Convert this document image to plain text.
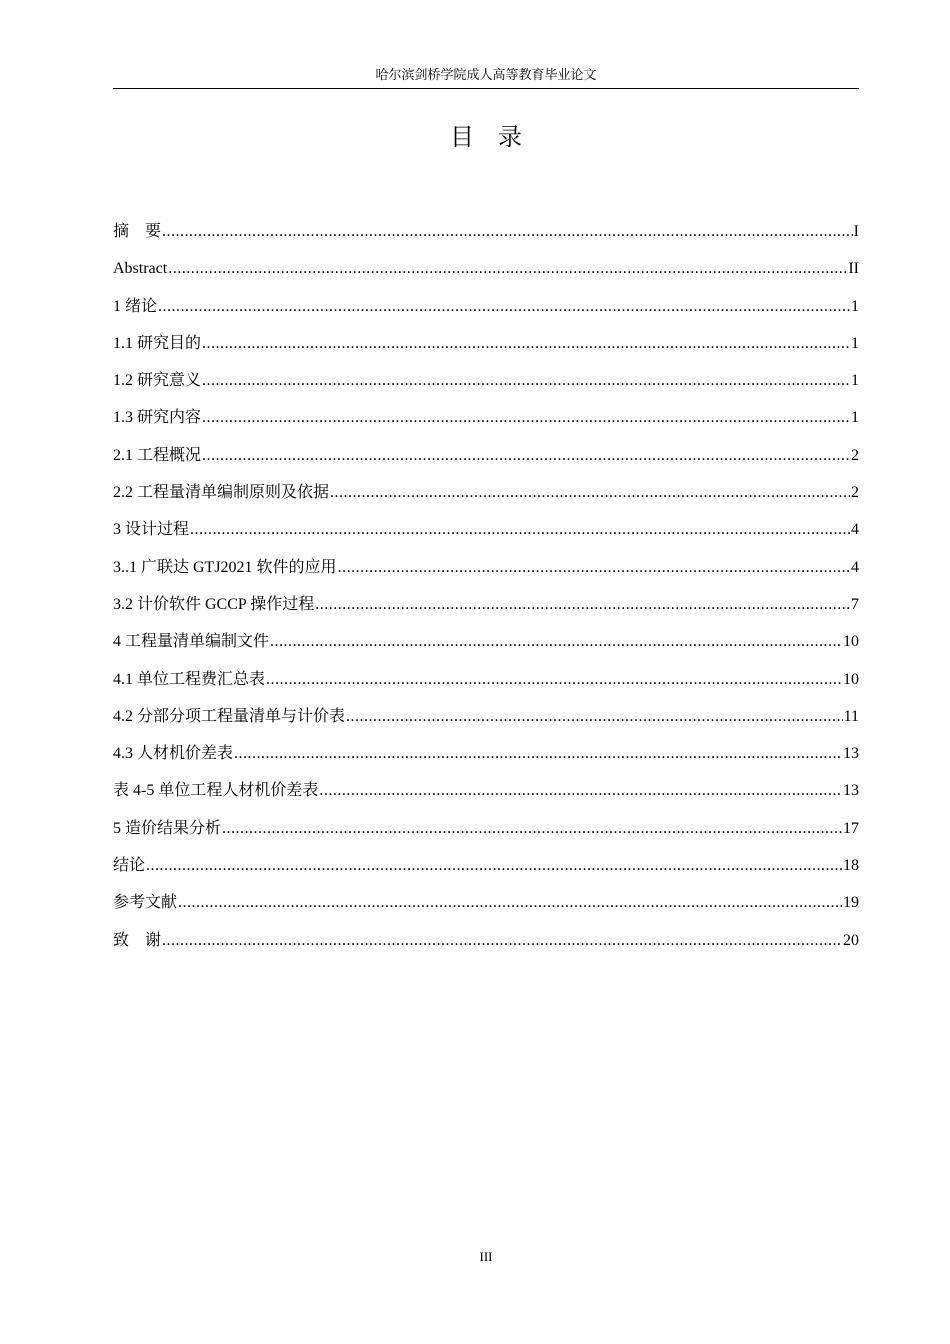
哈尔滨剑桥学院成人高等教育毕业论文
目录
摘要 .....	I
Abstract .....	II
1 绪论 .....	1
1.1 研究目的 .....	1
1.2 研究意义 .....	1
1.3 研究内容 .....	1
2.1 工程概况 .....	2
2.2 工程量清单编制原则及依据 .....	2
3 设计过程 .....	4
3..1 广联达 GTJ2021 软件的应用 .....	4
3.2 计价软件 GCCP 操作过程 .....	7
4 工程量清单编制文件 .....	10
4.1 单位工程费汇总表 .....	10
4.2 分部分项工程量清单与计价表 .....	11
4.3 人材机价差表 .....	13
表 4-5 单位工程人材机价差表 .....	13
5 造价结果分析 .....	17
结论 .....	18
参考文献 .....	19
致谢 .....	20
III
